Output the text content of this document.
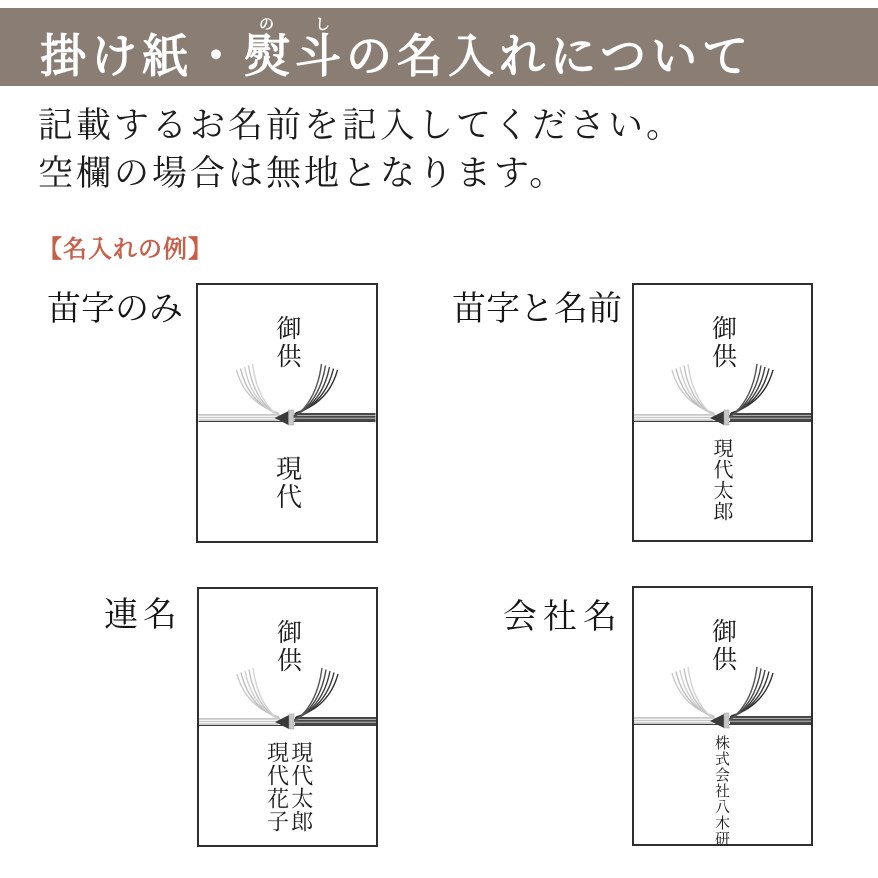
掛け紙・熨斗のしの名入れについて

記載するお名前を記入してください。
空欄の場合は無地となります。

【名入れの例】
苗字のみ
御供
現代
苗字と名前
御供
現代太郎
連名
御供
現代太郎
現代花子
会社名
御供
株式会社八木研
